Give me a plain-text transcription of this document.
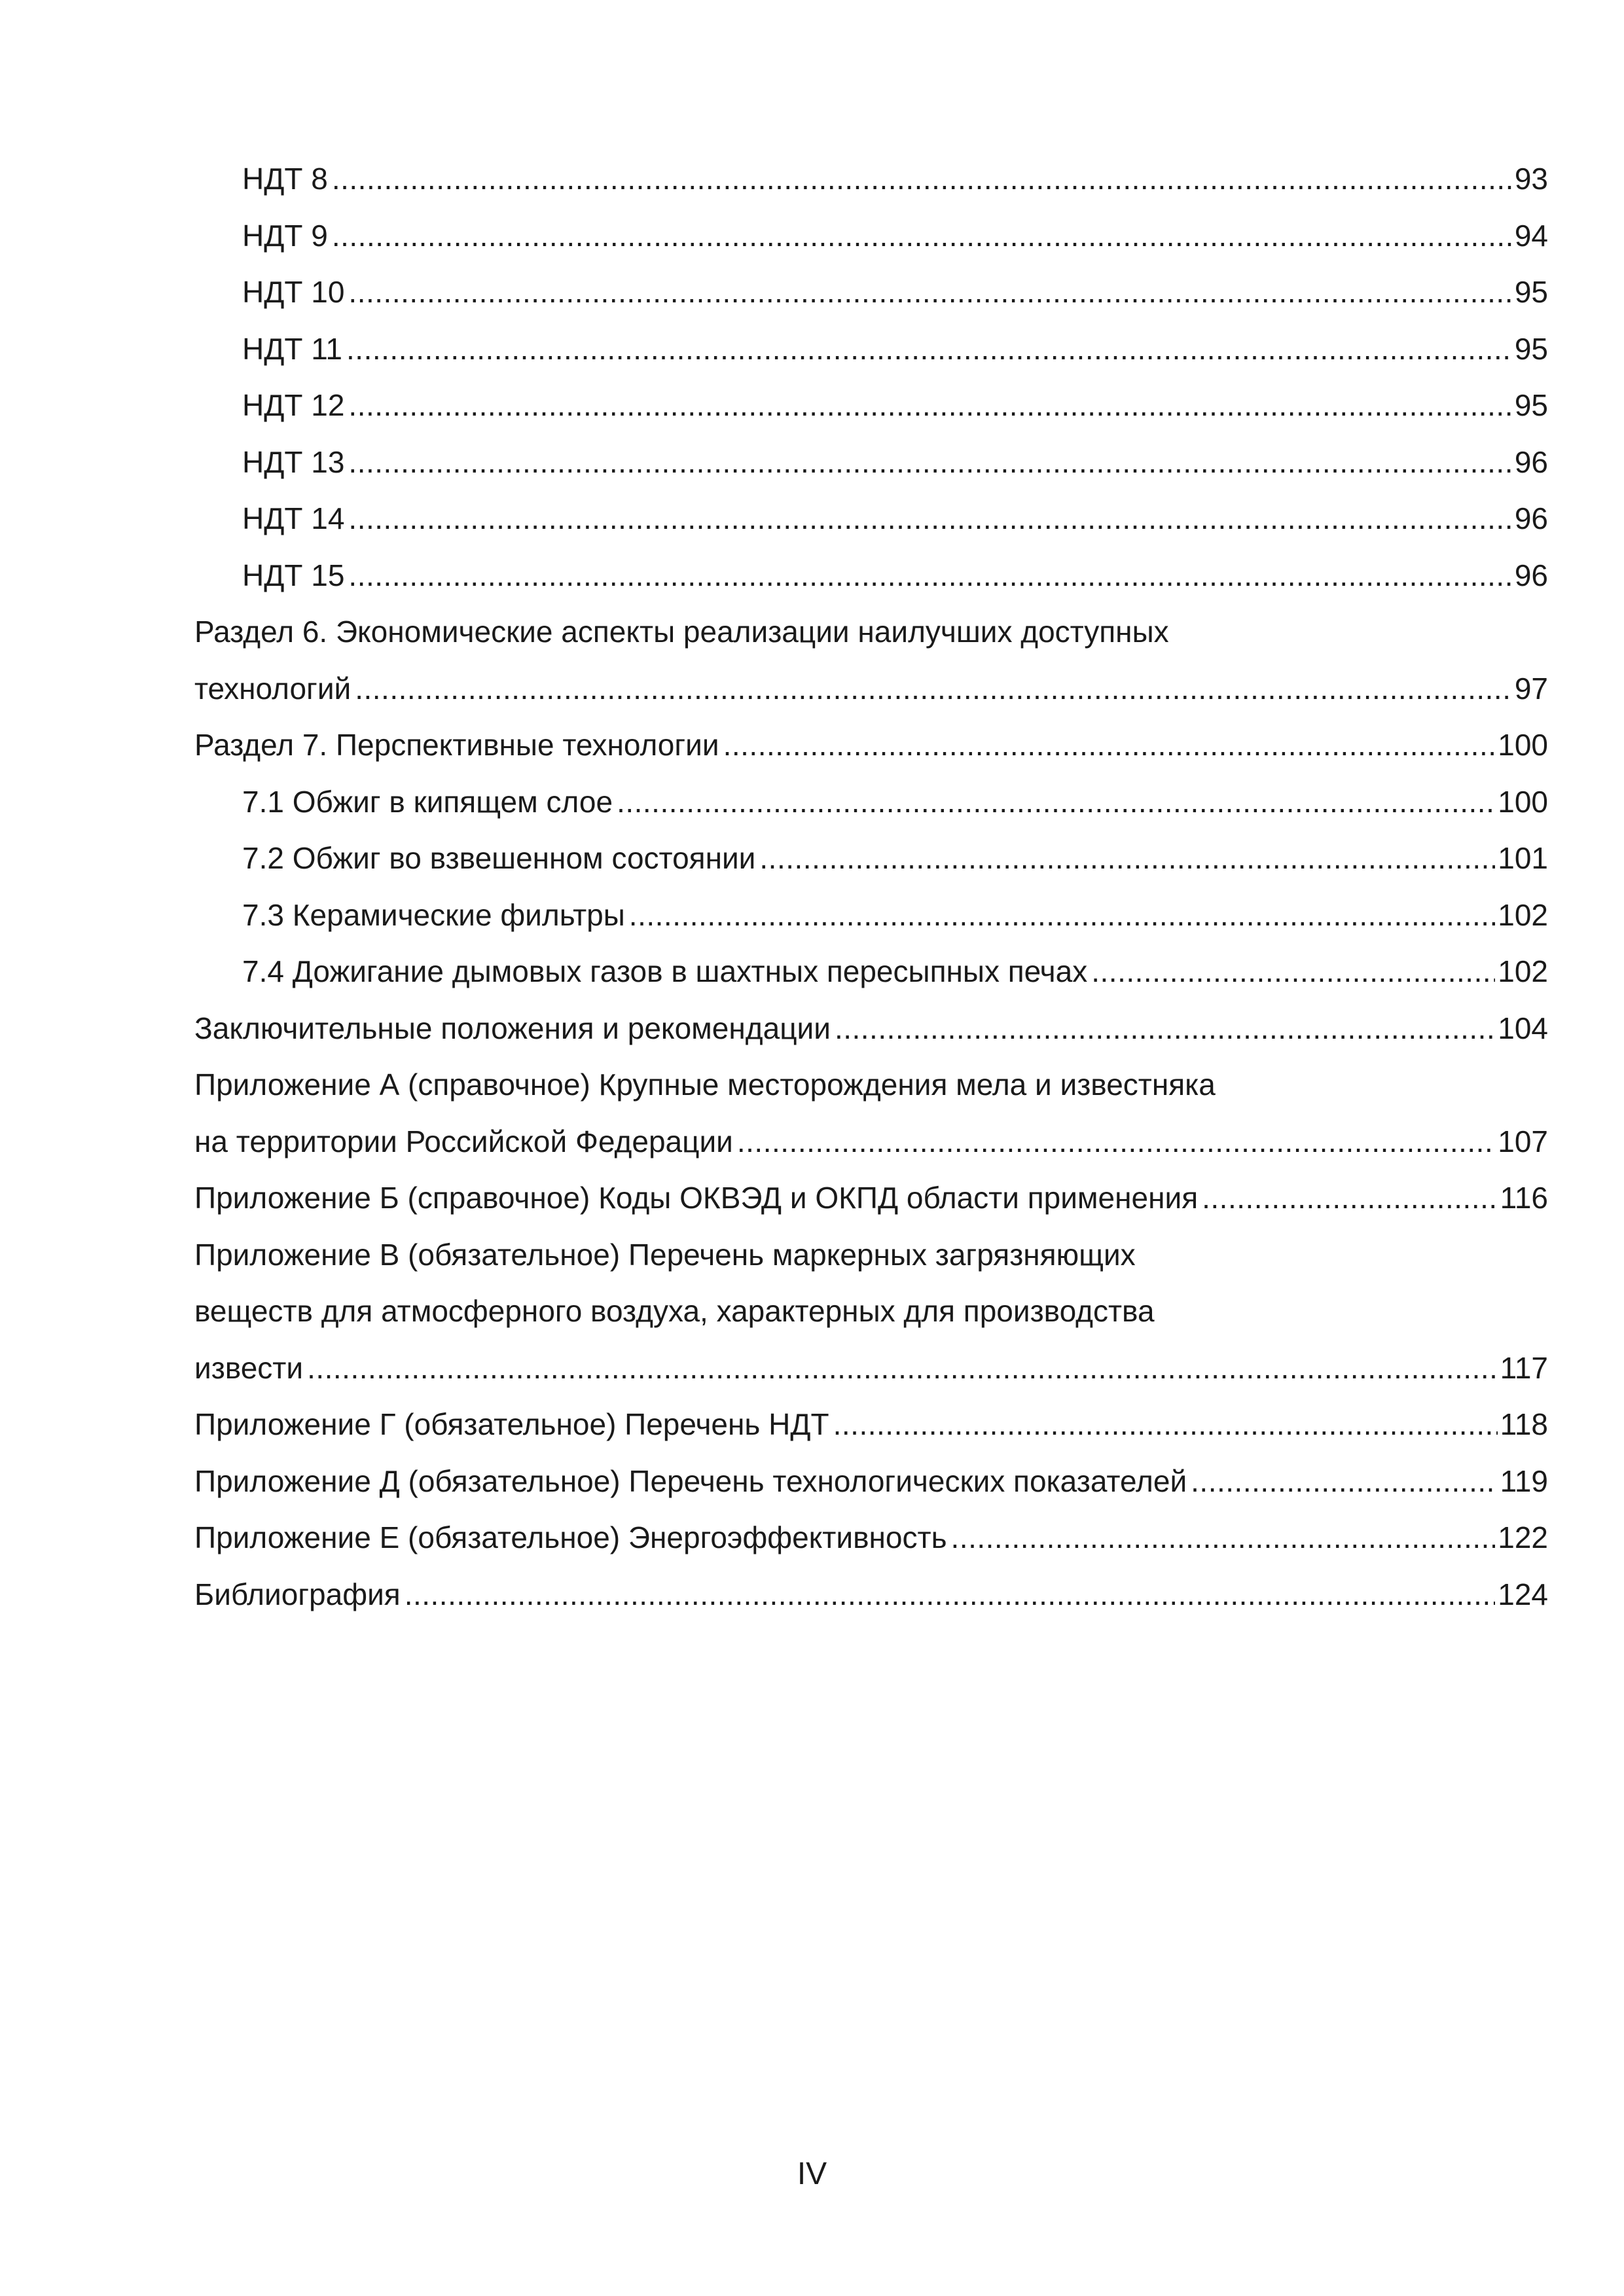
НДТ 8 .....	93
НДТ 9 .....	94
НДТ 10 .....	95
НДТ 11 .....	95
НДТ 12 .....	95
НДТ 13 .....	96
НДТ 14 .....	96
НДТ 15 .....	96
Раздел 6. Экономические аспекты реализации наилучших доступных
технологий .....	97
Раздел 7. Перспективные технологии .....	100
7.1 Обжиг в кипящем слое .....	100
7.2 Обжиг во взвешенном состоянии .....	101
7.3 Керамические фильтры .....	102
7.4 Дожигание дымовых газов в шахтных пересыпных печах .....	102
Заключительные положения и рекомендации .....	104
Приложение А (справочное) Крупные месторождения мела и известняка
на территории Российской Федерации .....	107
Приложение Б (справочное) Коды ОКВЭД и ОКПД области применения .....	116
Приложение В (обязательное) Перечень маркерных загрязняющих
веществ для атмосферного воздуха, характерных для производства
извести .....	117
Приложение Г (обязательное) Перечень НДТ .....	118
Приложение Д (обязательное) Перечень технологических показателей .....	119
Приложение Е (обязательное) Энергоэффективность .....	122
Библиография .....	124
IV
